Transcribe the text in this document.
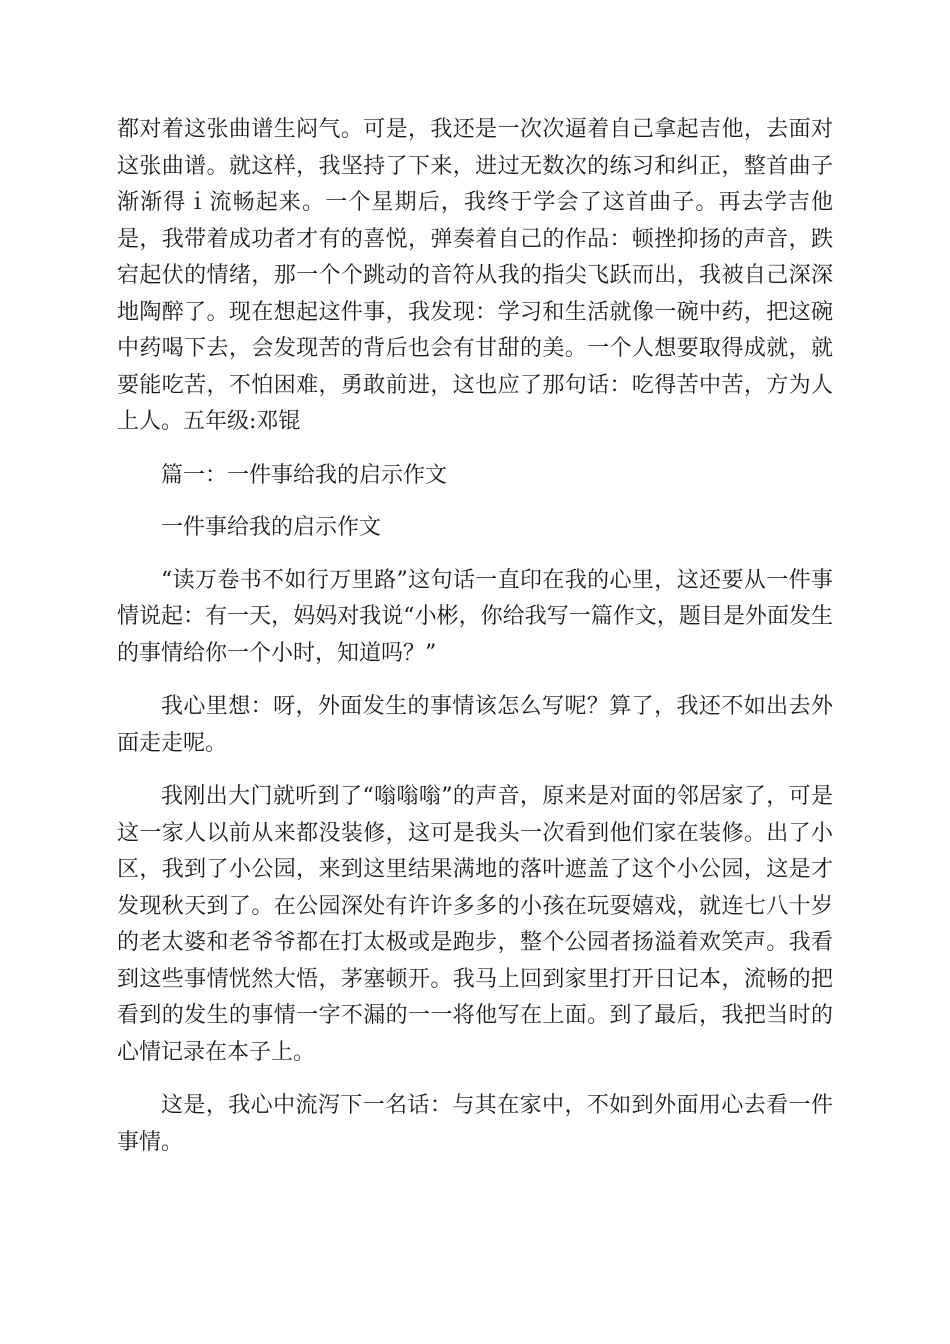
都对着这张曲谱生闷气。可是，我还是一次次逼着自己拿起吉他，去面对这张曲谱。就这样，我坚持了下来，进过无数次的练习和纠正，整首曲子渐渐得ｉ流畅起来。一个星期后，我终于学会了这首曲子。再去学吉他是，我带着成功者才有的喜悦，弹奏着自己的作品：顿挫抑扬的声音，跌宕起伏的情绪，那一个个跳动的音符从我的指尖飞跃而出，我被自己深深地陶醉了。现在想起这件事，我发现：学习和生活就像一碗中药，把这碗中药喝下去，会发现苦的背后也会有甘甜的美。一个人想要取得成就，就要能吃苦，不怕困难，勇敢前进，这也应了那句话：吃得苦中苦，方为人上人。五年级:邓锟

篇一：一件事给我的启示作文

一件事给我的启示作文

“读万卷书不如行万里路”这句话一直印在我的心里，这还要从一件事情说起：有一天，妈妈对我说“小彬，你给我写一篇作文，题目是外面发生的事情给你一个小时，知道吗？”

我心里想：呀，外面发生的事情该怎么写呢？算了，我还不如出去外面走走呢。

我刚出大门就听到了“嗡嗡嗡”的声音，原来是对面的邻居家了，可是这一家人以前从来都没装修，这可是我头一次看到他们家在装修。出了小区，我到了小公园，来到这里结果满地的落叶遮盖了这个小公园，这是才发现秋天到了。在公园深处有许许多多的小孩在玩耍嬉戏，就连七八十岁的老太婆和老爷爷都在打太极或是跑步，整个公园者扬溢着欢笑声。我看到这些事情恍然大悟，茅塞顿开。我马上回到家里打开日记本，流畅的把看到的发生的事情一字不漏的一一将他写在上面。到了最后，我把当时的心情记录在本子上。

这是，我心中流泻下一名话：与其在家中，不如到外面用心去看一件事情。
